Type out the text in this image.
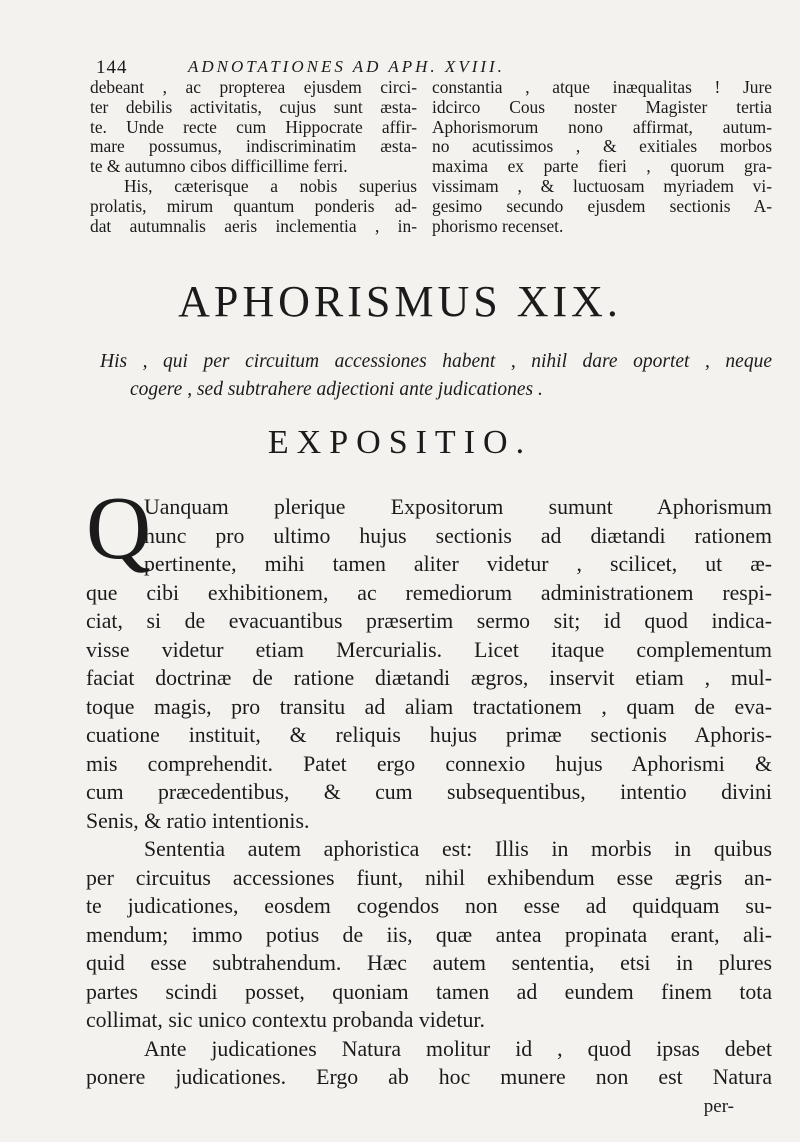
144	ADNOTATIONES AD APH. XVIII.
debeant , ac propterea ejusdem circi-
ter debilis activitatis, cujus sunt æsta-
te. Unde recte cum Hippocrate affir-
mare possumus, indiscriminatim æsta-
te & autumno cibos difficillime ferri.
His, cæterisque a nobis superius
prolatis, mirum quantum ponderis ad-
dat autumnalis aeris inclementia , in-
constantia , atque inæqualitas ! Jure
idcirco Cous noster Magister tertia
Aphorismorum nono affirmat, autum-
no acutissimos , & exitiales morbos
maxima ex parte fieri , quorum gra-
vissimam , & luctuosam myriadem vi-
gesimo secundo ejusdem sectionis A-
phorismo recenset.
APHORISMUS XIX.
His , qui per circuitum accessiones habent , nihil dare oportet , neque
cogere , sed subtrahere adjectioni ante judicationes .
EXPOSITIO.
Q
Uanquam plerique Expositorum sumunt Aphorismum
hunc pro ultimo hujus sectionis ad diætandi rationem
pertinente, mihi tamen aliter videtur , scilicet, ut æ-
que cibi exhibitionem, ac remediorum administrationem respi-
ciat, si de evacuantibus præsertim sermo sit; id quod indica-
visse videtur etiam Mercurialis. Licet itaque complementum
faciat doctrinæ de ratione diætandi ægros, inservit etiam , mul-
toque magis, pro transitu ad aliam tractationem , quam de eva-
cuatione instituit, & reliquis hujus primæ sectionis Aphoris-
mis comprehendit. Patet ergo connexio hujus Aphorismi &
cum præcedentibus, & cum subsequentibus, intentio divini
Senis, & ratio intentionis.
Sententia autem aphoristica est: Illis in morbis in quibus
per circuitus accessiones fiunt, nihil exhibendum esse ægris an-
te judicationes, eosdem cogendos non esse ad quidquam su-
mendum; immo potius de iis, quæ antea propinata erant, ali-
quid esse subtrahendum. Hæc autem sententia, etsi in plures
partes scindi posset, quoniam tamen ad eundem finem tota
collimat, sic unico contextu probanda videtur.
Ante judicationes Natura molitur id , quod ipsas debet
ponere judicationes. Ergo ab hoc munere non est Natura
per-
